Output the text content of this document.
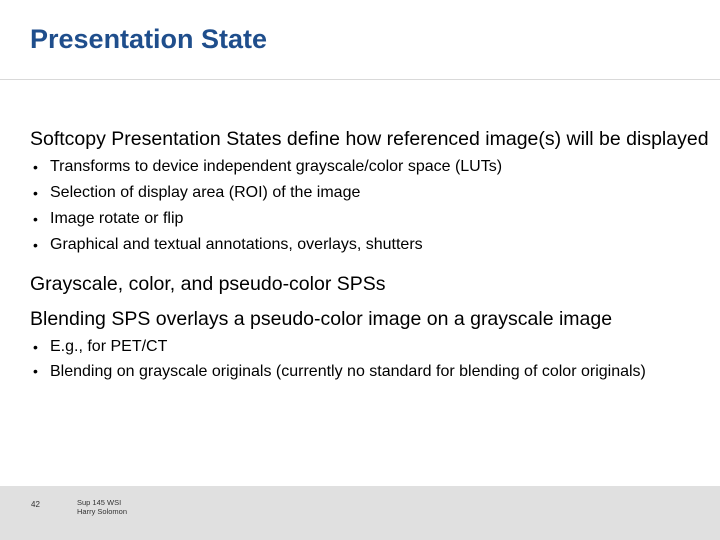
Presentation State

Softcopy Presentation States define how referenced image(s) will be displayed

• Transforms to device independent grayscale/color space (LUTs)
• Selection of display area (ROI) of the image
• Image rotate or flip
• Graphical and textual annotations, overlays, shutters

Grayscale, color, and pseudo-color SPSs

Blending SPS overlays a pseudo-color image on a grayscale image

• E.g., for PET/CT
• Blending on grayscale originals (currently no standard for blending of color originals)
42	Sup 145 WSI
Harry Solomon
